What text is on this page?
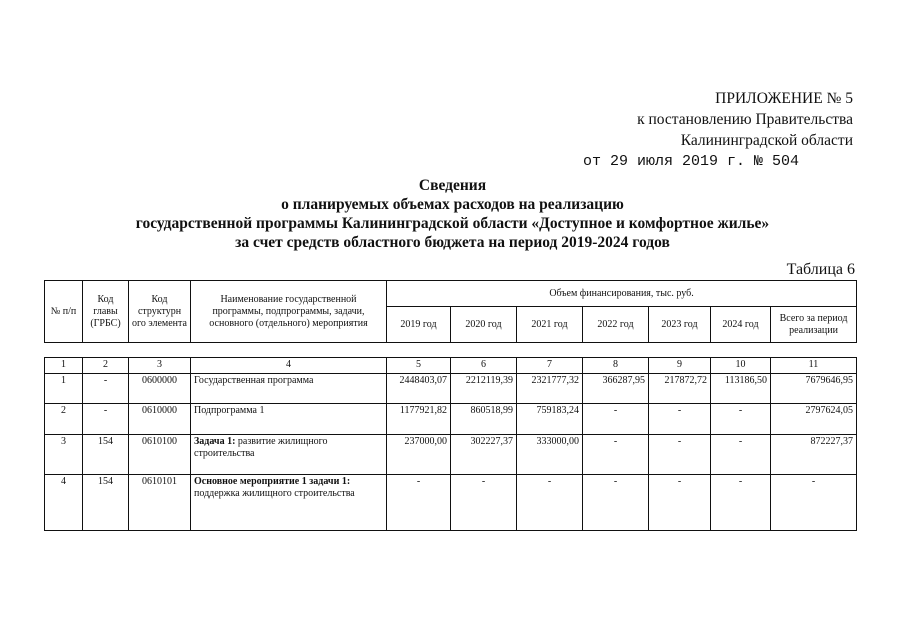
ПРИЛОЖЕНИЕ № 5
к постановлению Правительства
Калининградской области
от 29 июля 2019 г. № 504
Сведения
о планируемых объемах расходов на реализацию
государственной программы Калининградской области «Доступное и комфортное жилье»
за счет средств областного бюджета на период 2019-2024 годов
Таблица 6
№ п/п	Код главы (ГРБС)	Код структурн ого элемента	Наименование государственной программы, подпрограммы, задачи, основного (отдельного) мероприятия	Объем финансирования, тыс. руб.						
				2019 год	2020 год	2021 год	2022 год	2023 год	2024 год	Всего за период реализации
1	2	3	4	5	6	7	8	9	10	11
1	-	0600000	Государственная программа	2448403,07	2212119,39	2321777,32	366287,95	217872,72	113186,50	7679646,95
2	-	0610000	Подпрограмма 1	1177921,82	860518,99	759183,24	-	-	-	2797624,05
3	154	0610100	Задача 1: развитие жилищного строительства	237000,00	302227,37	333000,00	-	-	-	872227,37
4	154	0610101	Основное мероприятие 1 задачи 1: поддержка жилищного строительства	-	-	-	-	-	-	-
